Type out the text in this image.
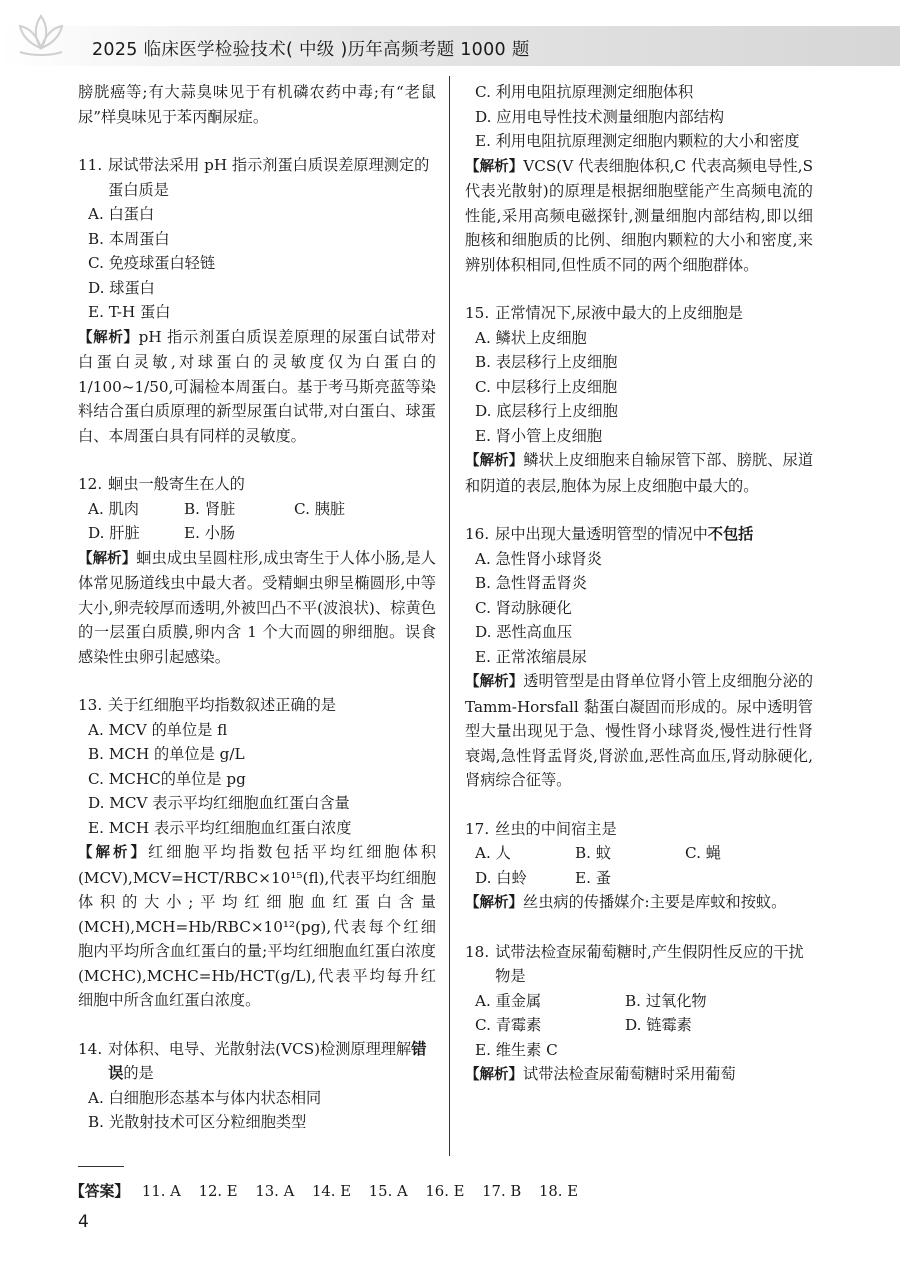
2025 临床医学检验技术( 中级 )历年高频考题 1000 题

膀胱癌等;有大蒜臭味见于有机磷农药中毒;有“老鼠尿”样臭味见于苯丙酮尿症。

11. 尿试带法采用 pH 指示剂蛋白质误差原理测定的蛋白质是
A. 白蛋白
B. 本周蛋白
C. 免疫球蛋白轻链
D. 球蛋白
E. T-H 蛋白

【解析】pH 指示剂蛋白质误差原理的尿蛋白试带对白蛋白灵敏,对球蛋白的灵敏度仅为白蛋白的 1/100~1/50,可漏检本周蛋白。基于考马斯亮蓝等染料结合蛋白质原理的新型尿蛋白试带,对白蛋白、球蛋白、本周蛋白具有同样的灵敏度。

12. 蛔虫一般寄生在人的
A. 肌肉	B. 肾脏	C. 胰脏
D. 肝脏	E. 小肠

【解析】蛔虫成虫呈圆柱形,成虫寄生于人体小肠,是人体常见肠道线虫中最大者。受精蛔虫卵呈椭圆形,中等大小,卵壳较厚而透明,外被凹凸不平(波浪状)、棕黄色的一层蛋白质膜,卵内含 1 个大而圆的卵细胞。误食感染性虫卵引起感染。

13. 关于红细胞平均指数叙述正确的是
A. MCV 的单位是 fl
B. MCH 的单位是 g/L
C. MCHC的单位是 pg
D. MCV 表示平均红细胞血红蛋白含量
E. MCH 表示平均红细胞血红蛋白浓度

【解析】红细胞平均指数包括平均红细胞体积(MCV),MCV=HCT/RBC×10¹⁵(fl),代表平均红细胞体积的大小;平均红细胞血红蛋白含量(MCH),MCH=Hb/RBC×10¹²(pg),代表每个红细胞内平均所含血红蛋白的量;平均红细胞血红蛋白浓度(MCHC),MCHC=Hb/HCT(g/L),代表平均每升红细胞中所含血红蛋白浓度。

14. 对体积、电导、光散射法(VCS)检测原理理解错误的是
A. 白细胞形态基本与体内状态相同
B. 光散射技术可区分粒细胞类型
C. 利用电阻抗原理测定细胞体积
D. 应用电导性技术测量细胞内部结构
E. 利用电阻抗原理测定细胞内颗粒的大小和密度

【解析】VCS(V 代表细胞体积,C 代表高频电导性,S 代表光散射)的原理是根据细胞壁能产生高频电流的性能,采用高频电磁探针,测量细胞内部结构,即以细胞核和细胞质的比例、细胞内颗粒的大小和密度,来辨别体积相同,但性质不同的两个细胞群体。

15. 正常情况下,尿液中最大的上皮细胞是
A. 鳞状上皮细胞
B. 表层移行上皮细胞
C. 中层移行上皮细胞
D. 底层移行上皮细胞
E. 肾小管上皮细胞

【解析】鳞状上皮细胞来自输尿管下部、膀胱、尿道和阴道的表层,胞体为尿上皮细胞中最大的。

16. 尿中出现大量透明管型的情况中不包括
A. 急性肾小球肾炎
B. 急性肾盂肾炎
C. 肾动脉硬化
D. 恶性高血压
E. 正常浓缩晨尿

【解析】透明管型是由肾单位肾小管上皮细胞分泌的 Tamm-Horsfall 黏蛋白凝固而形成的。尿中透明管型大量出现见于急、慢性肾小球肾炎,慢性进行性肾衰竭,急性肾盂肾炎,肾淤血,恶性高血压,肾动脉硬化,肾病综合征等。

17. 丝虫的中间宿主是
A. 人	B. 蚊	C. 蝇
D. 白蛉	E. 蚤

【解析】丝虫病的传播媒介:主要是库蚊和按蚊。

18. 试带法检查尿葡萄糖时,产生假阴性反应的干扰物是
A. 重金属	B. 过氧化物
C. 青霉素	D. 链霉素
E. 维生素 C

【解析】试带法检查尿葡萄糖时采用葡萄

【答案】 11. A 12. E 13. A 14. E 15. A 16. E 17. B 18. E
4
